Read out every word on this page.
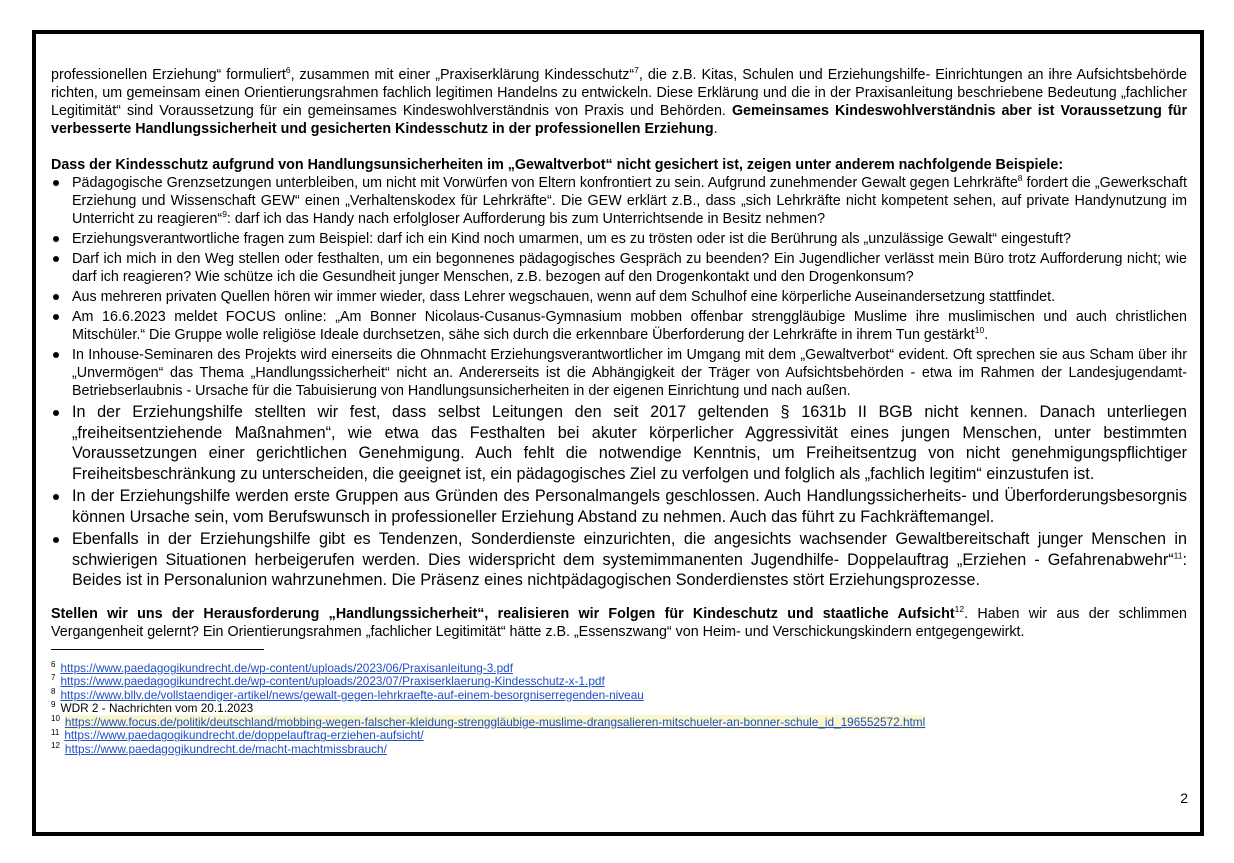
professionellen Erziehung“ formuliert$^6$, zusammen mit einer „Praxiserklärung Kindesschutz“$^7$, die z.B. Kitas, Schulen und Erziehungshilfe- Einrichtungen an ihre Aufsichtsbehörde richten, um gemeinsam einen Orientierungsrahmen fachlich legitimen Handelns zu entwickeln. Diese Erklärung und die in der Praxisanleitung beschriebene Bedeutung „fachlicher Legitimität“ sind Voraussetzung für ein gemeinsames Kindeswohlverständnis von Praxis und Behörden. Gemeinsames Kindeswohlverständnis aber ist Voraussetzung für verbesserte Handlungssicherheit und gesicherten Kindesschutz in der professionellen Erziehung.

Dass der Kindesschutz aufgrund von Handlungsunsicherheiten im „Gewaltverbot“ nicht gesichert ist, zeigen unter anderem nachfolgende Beispiele:

Pädagogische Grenzsetzungen unterbleiben, um nicht mit Vorwürfen von Eltern konfrontiert zu sein. Aufgrund zunehmender Gewalt gegen Lehrkräfte$^8$ fordert die „Gewerkschaft Erziehung und Wissenschaft GEW“ einen „Verhaltenskodex für Lehrkräfte“. Die GEW erklärt z.B., dass „sich Lehrkräfte nicht kompetent sehen, auf private Handynutzung im Unterricht zu reagieren“$^9$: darf ich das Handy nach erfolgloser Aufforderung bis zum Unterrichtsende in Besitz nehmen?
Erziehungsverantwortliche fragen zum Beispiel: darf ich ein Kind noch umarmen, um es zu trösten oder ist die Berührung als „unzulässige Gewalt“ eingestuft?
Darf ich mich in den Weg stellen oder festhalten, um ein begonnenes pädagogisches Gespräch zu beenden? Ein Jugendlicher verlässt mein Büro trotz Aufforderung nicht; wie darf ich reagieren? Wie schütze ich die Gesundheit junger Menschen, z.B. bezogen auf den Drogenkontakt und den Drogenkonsum?
Aus mehreren privaten Quellen hören wir immer wieder, dass Lehrer wegschauen, wenn auf dem Schulhof eine körperliche Auseinandersetzung stattfindet.
Am 16.6.2023 meldet FOCUS online: „Am Bonner Nicolaus-Cusanus-Gymnasium mobben offenbar strenggläubige Muslime ihre muslimischen und auch christlichen Mitschüler.“ Die Gruppe wolle religiöse Ideale durchsetzen, sähe sich durch die erkennbare Überforderung der Lehrkräfte in ihrem Tun gestärkt$^{10}$.
In Inhouse-Seminaren des Projekts wird einerseits die Ohnmacht Erziehungsverantwortlicher im Umgang mit dem „Gewaltverbot“ evident. Oft sprechen sie aus Scham über ihr „Unvermögen“ das Thema „Handlungssicherheit“ nicht an. Andererseits ist die Abhängigkeit der Träger von Aufsichtsbehörden - etwa im Rahmen der Landesjugendamt- Betriebserlaubnis - Ursache für die Tabuisierung von Handlungsunsicherheiten in der eigenen Einrichtung und nach außen.
In der Erziehungshilfe stellten wir fest, dass selbst Leitungen den seit 2017 geltenden § 1631b II BGB nicht kennen. Danach unterliegen „freiheitsentziehende Maßnahmen“, wie etwa das Festhalten bei akuter körperlicher Aggressivität eines jungen Menschen, unter bestimmten Voraussetzungen einer gerichtlichen Genehmigung. Auch fehlt die notwendige Kenntnis, um Freiheitsentzug von nicht genehmigungspflichtiger Freiheitsbeschränkung zu unterscheiden, die geeignet ist, ein pädagogisches Ziel zu verfolgen und folglich als „fachlich legitim“ einzustufen ist.
In der Erziehungshilfe werden erste Gruppen aus Gründen des Personalmangels geschlossen. Auch Handlungssicherheits- und Überforderungsbesorgnis können Ursache sein, vom Berufswunsch in professioneller Erziehung Abstand zu nehmen. Auch das führt zu Fachkräftemangel.
Ebenfalls in der Erziehungshilfe gibt es Tendenzen, Sonderdienste einzurichten, die angesichts wachsender Gewaltbereitschaft junger Menschen in schwierigen Situationen herbeigerufen werden. Dies widerspricht dem systemimmanenten Jugendhilfe- Doppelauftrag „Erziehen - Gefahrenabwehr“$^{11}$: Beides ist in Personalunion wahrzunehmen. Die Präsenz eines nichtpädagogischen Sonderdienstes stört Erziehungsprozesse.

Stellen wir uns der Herausforderung „Handlungssicherheit“, realisieren wir Folgen für Kindeschutz und staatliche Aufsicht$^{12}$. Haben wir aus der schlimmen Vergangenheit gelernt? Ein Orientierungsrahmen „fachlicher Legitimität“ hätte z.B. „Essenszwang“ von Heim- und Verschickungskindern entgegengewirkt.

$^6$ https://www.paedagogikundrecht.de/wp-content/uploads/2023/06/Praxisanleitung-3.pdf

$^7$ https://www.paedagogikundrecht.de/wp-content/uploads/2023/07/Praxiserklaerung-Kindesschutz-x-1.pdf

$^8$ https://www.bllv.de/vollstaendiger-artikel/news/gewalt-gegen-lehrkraefte-auf-einem-besorgniserregenden-niveau

$^9$ WDR 2 - Nachrichten vom 20.1.2023

$^{10}$ https://www.focus.de/politik/deutschland/mobbing-wegen-falscher-kleidung-strenggläubige-muslime-drangsalieren-mitschueler-an-bonner-schule_id_196552572.html

$^{11}$ https://www.paedagogikundrecht.de/doppelauftrag-erziehen-aufsicht/

$^{12}$ https://www.paedagogikundrecht.de/macht-machtmissbrauch/

2
